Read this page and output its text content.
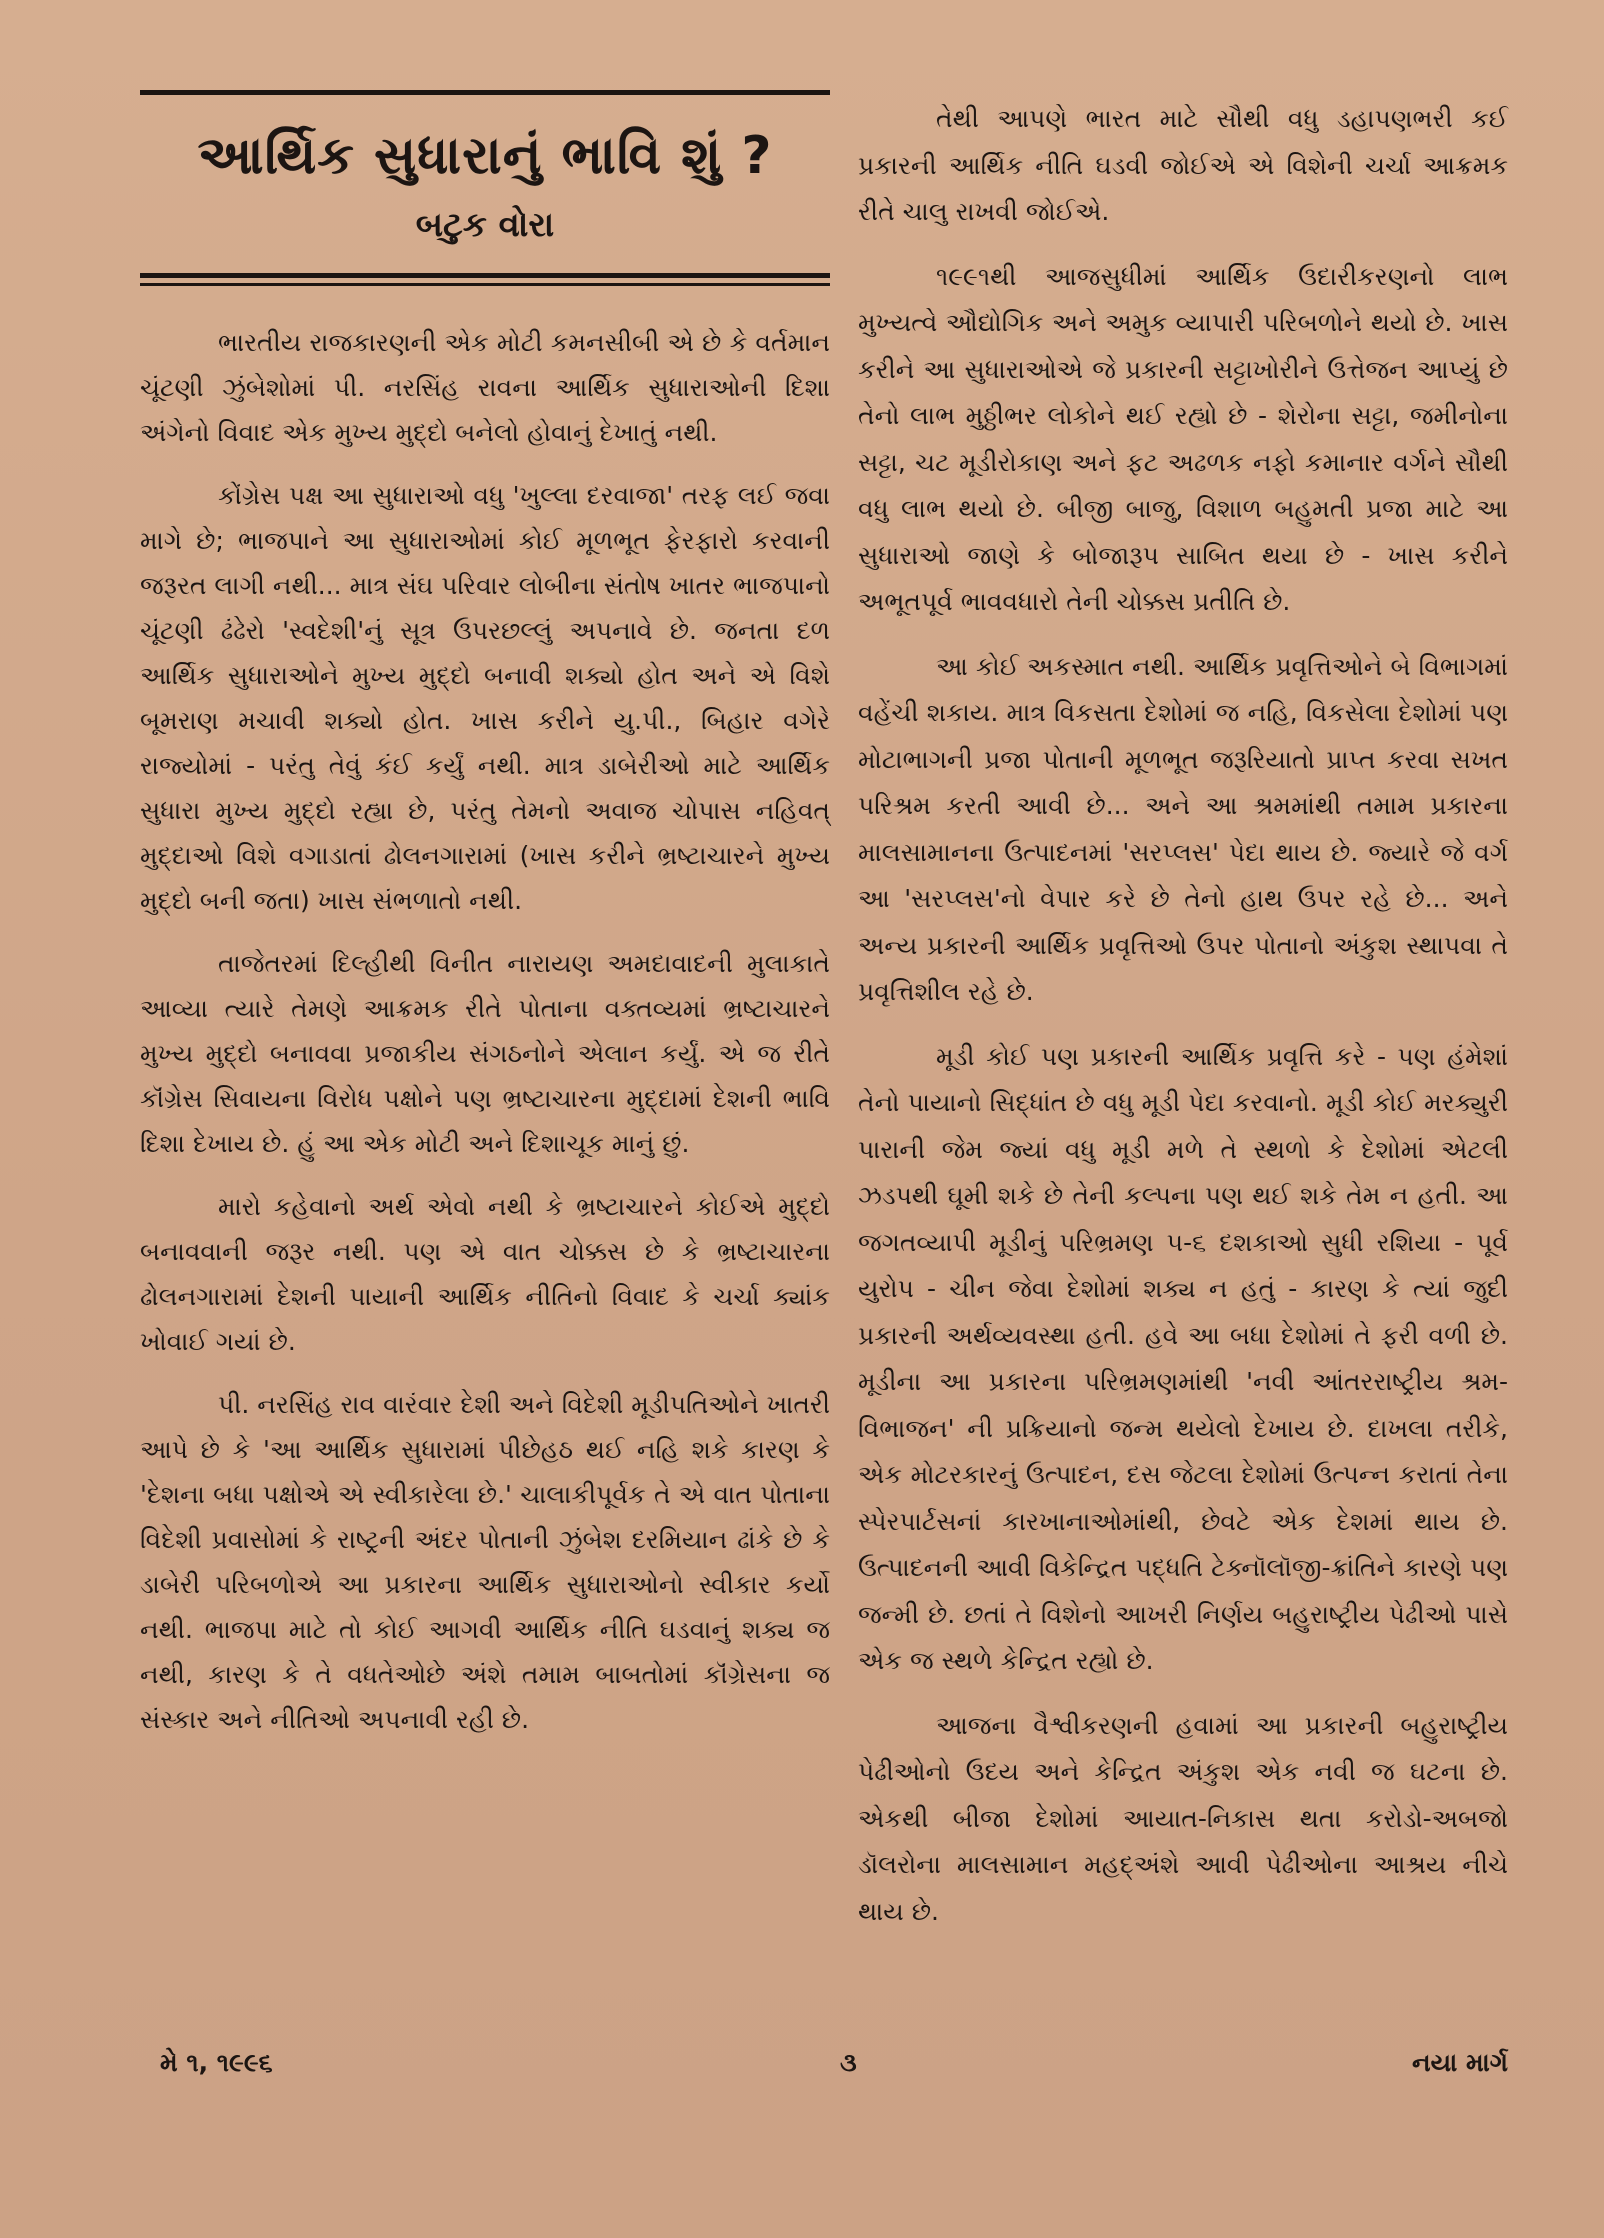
આર્થિક સુધારાનું ભાવિ શું ?
બટુક વોરા

ભારતીય રાજકારણની એક મોટી કમનસીબી એ છે કે વર્તમાન ચૂંટણી ઝુંબેશોમાં પી. નરસિંહ રાવના આર્થિક સુધારાઓની દિશા અંગેનો વિવાદ એક મુખ્ય મુદ્દો બનેલો હોવાનું દેખાતું નથી.

કોંગ્રેસ પક્ષ આ સુધારાઓ વધુ 'ખુલ્લા દરવાજા' તરફ લઈ જવા માગે છે; ભાજપાને આ સુધારાઓમાં કોઈ મૂળભૂત ફેરફારો કરવાની જરૂરત લાગી નથી... માત્ર સંઘ પરિવાર લોબીના સંતોષ ખાતર ભાજપાનો ચૂંટણી ઢંઢેરો 'સ્વદેશી'નું સૂત્ર ઉપરછલ્લું અપનાવે છે. જનતા દળ આર્થિક સુધારાઓને મુખ્ય મુદ્દો બનાવી શક્યો હોત અને એ વિશે બૂમરાણ મચાવી શક્યો હોત. ખાસ કરીને યુ.પી., બિહાર વગેરે રાજ્યોમાં - પરંતુ તેવું કંઈ કર્યું નથી. માત્ર ડાબેરીઓ માટે આર્થિક સુધારા મુખ્ય મુદ્દો રહ્યા છે, પરંતુ તેમનો અવાજ ચોપાસ નહિવત્ મુદ્દાઓ વિશે વગાડાતાં ઢોલનગારામાં (ખાસ કરીને ભ્રષ્ટાચારને મુખ્ય મુદ્દો બની જતા) ખાસ સંભળાતો નથી.

તાજેતરમાં દિલ્હીથી વિનીત નારાયણ અમદાવાદની મુલાકાતે આવ્યા ત્યારે તેમણે આક્રમક રીતે પોતાના વક્તવ્યમાં ભ્રષ્ટાચારને મુખ્ય મુદ્દો બનાવવા પ્રજાકીય સંગઠનોને એલાન કર્યું. એ જ રીતે કૉંગ્રેસ સિવાયના વિરોધ પક્ષોને પણ ભ્રષ્ટાચારના મુદ્દામાં દેશની ભાવિ દિશા દેખાય છે. હું આ એક મોટી અને દિશાચૂક માનું છું.

મારો કહેવાનો અર્થ એવો નથી કે ભ્રષ્ટાચારને કોઈએ મુદ્દો બનાવવાની જરૂર નથી. પણ એ વાત ચોક્કસ છે કે ભ્રષ્ટાચારના ઢોલનગારામાં દેશની પાયાની આર્થિક નીતિનો વિવાદ કે ચર્ચા ક્યાંક ખોવાઈ ગયાં છે.

પી. નરસિંહ રાવ વારંવાર દેશી અને વિદેશી મૂડીપતિઓને ખાતરી આપે છે કે 'આ આર્થિક સુધારામાં પીછેહઠ થઈ નહિ શકે કારણ કે 'દેશના બધા પક્ષોએ એ સ્વીકારેલા છે.' ચાલાકીપૂર્વક તે એ વાત પોતાના વિદેશી પ્રવાસોમાં કે રાષ્ટ્રની અંદર પોતાની ઝુંબેશ દરમિયાન ઢાંકે છે કે ડાબેરી પરિબળોએ આ પ્રકારના આર્થિક સુધારાઓનો સ્વીકાર કર્યો નથી. ભાજપા માટે તો કોઈ આગવી આર્થિક નીતિ ઘડવાનું શક્ય જ નથી, કારણ કે તે વધતેઓછે અંશે તમામ બાબતોમાં કૉંગ્રેસના જ સંસ્કાર અને નીતિઓ અપનાવી રહી છે.

તેથી આપણે ભારત માટે સૌથી વધુ ડહાપણભરી કઈ પ્રકારની આર્થિક નીતિ ઘડવી જોઈએ એ વિશેની ચર્ચા આક્રમક રીતે ચાલુ રાખવી જોઈએ.

૧૯૯૧થી આજસુધીમાં આર્થિક ઉદારીકરણનો લાભ મુખ્યત્વે ઔદ્યોગિક અને અમુક વ્યાપારી પરિબળોને થયો છે. ખાસ કરીને આ સુધારાઓએ જે પ્રકારની સટ્ટાખોરીને ઉત્તેજન આપ્યું છે તેનો લાભ મુઠ્ઠીભર લોકોને થઈ રહ્યો છે - શેરોના સટ્ટા, જમીનોના સટ્ટા, ચટ મૂડીરોકાણ અને ફટ અઢળક નફો કમાનાર વર્ગને સૌથી વધુ લાભ થયો છે. બીજી બાજુ, વિશાળ બહુમતી પ્રજા માટે આ સુધારાઓ જાણે કે બોજારૂપ સાબિત થયા છે - ખાસ કરીને અભૂતપૂર્વ ભાવવધારો તેની ચોક્કસ પ્રતીતિ છે.

આ કોઈ અકસ્માત નથી. આર્થિક પ્રવૃત્તિઓને બે વિભાગમાં વહેંચી શકાય. માત્ર વિકસતા દેશોમાં જ નહિ, વિકસેલા દેશોમાં પણ મોટાભાગની પ્રજા પોતાની મૂળભૂત જરૂરિયાતો પ્રાપ્ત કરવા સખત પરિશ્રમ કરતી આવી છે... અને આ શ્રમમાંથી તમામ પ્રકારના માલસામાનના ઉત્પાદનમાં 'સરપ્લસ' પેદા થાય છે. જ્યારે જે વર્ગ આ 'સરપ્લસ'નો વેપાર કરે છે તેનો હાથ ઉપર રહે છે... અને અન્ય પ્રકારની આર્થિક પ્રવૃત્તિઓ ઉપર પોતાનો અંકુશ સ્થાપવા તે પ્રવૃત્તિશીલ રહે છે.

મૂડી કોઈ પણ પ્રકારની આર્થિક પ્રવૃત્તિ કરે - પણ હંમેશાં તેનો પાયાનો સિદ્ધાંત છે વધુ મૂડી પેદા કરવાનો. મૂડી કોઈ મરક્યુરી પારાની જેમ જ્યાં વધુ મૂડી મળે તે સ્થળો કે દેશોમાં એટલી ઝડપથી ઘૂમી શકે છે તેની કલ્પના પણ થઈ શકે તેમ ન હતી. આ જગતવ્યાપી મૂડીનું પરિભ્રમણ ૫-૬ દશકાઓ સુધી રશિયા - પૂર્વ યુરોપ - ચીન જેવા દેશોમાં શક્ય ન હતું - કારણ કે ત્યાં જુદી પ્રકારની અર્થવ્યવસ્થા હતી. હવે આ બધા દેશોમાં તે ફરી વળી છે. મૂડીના આ પ્રકારના પરિભ્રમણમાંથી 'નવી આંતરરાષ્ટ્રીય શ્રમ-વિભાજન' ની પ્રક્રિયાનો જન્મ થયેલો દેખાય છે. દાખલા તરીકે, એક મોટરકારનું ઉત્પાદન, દસ જેટલા દેશોમાં ઉત્પન્ન કરાતાં તેના સ્પેરપાર્ટસનાં કારખાનાઓમાંથી, છેવટે એક દેશમાં થાય છે. ઉત્પાદનની આવી વિકેન્દ્રિત પદ્ધતિ ટેક્નૉલૉજી-ક્રાંતિને કારણે પણ જન્મી છે. છતાં તે વિશેનો આખરી નિર્ણય બહુરાષ્ટ્રીય પેઢીઓ પાસે એક જ સ્થળે કેન્દ્રિત રહ્યો છે.

આજના વૈશ્વીકરણની હવામાં આ પ્રકારની બહુરાષ્ટ્રીય પેઢીઓનો ઉદય અને કેન્દ્રિત અંકુશ એક નવી જ ઘટના છે. એકથી બીજા દેશોમાં આયાત-નિકાસ થતા કરોડો-અબજો ડૉલરોના માલસામાન મહદ્અંશે આવી પેઢીઓના આશ્રય નીચે થાય છે.

મે ૧, ૧૯૯૬	૩	નયા માર્ગ
